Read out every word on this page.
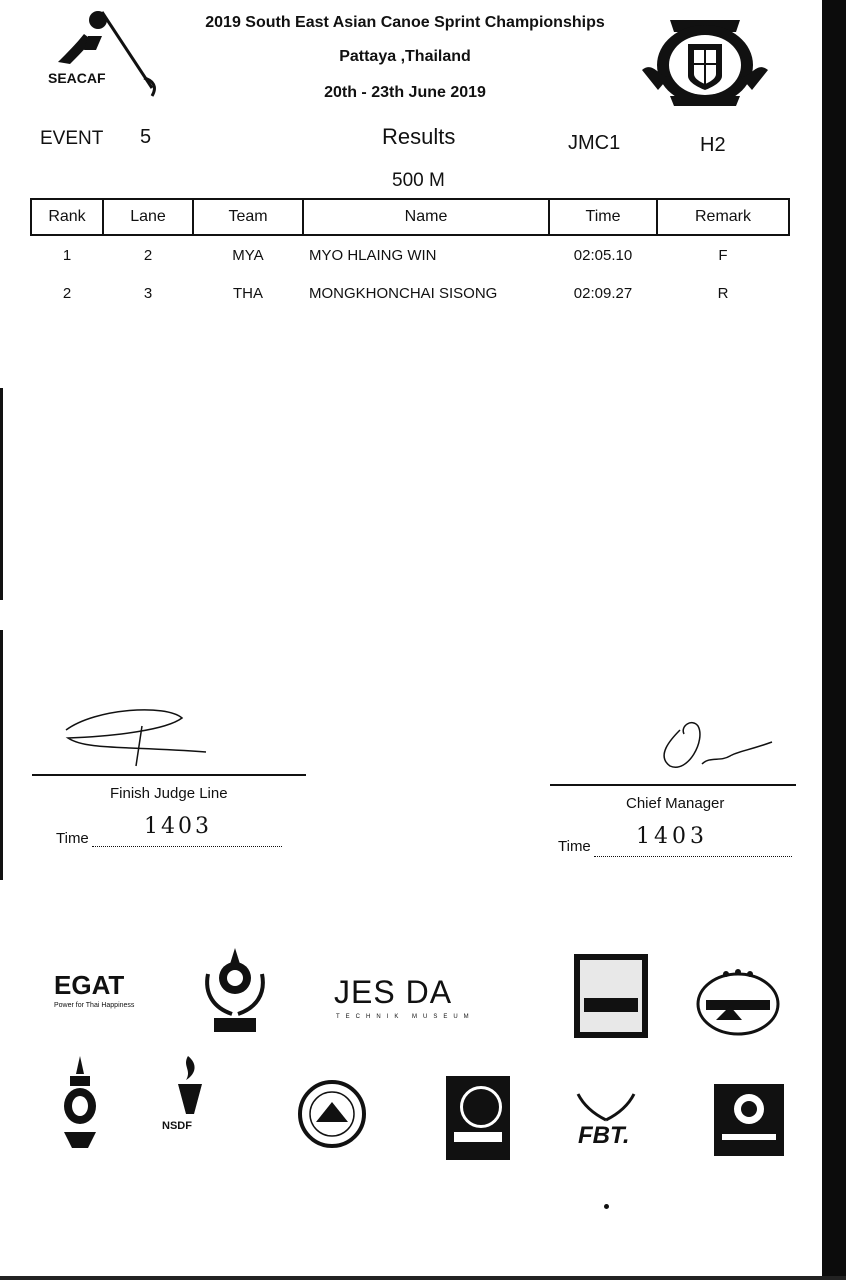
SEACAF
2019 South East Asian Canoe Sprint Championships
Pattaya ,Thailand
20th - 23th June 2019
EVENT 5	Results	JMC1	H2
500 M
Rank	Lane	Team	Name	Time	Remark
1	2	MYA	MYO HLAING WIN	02:05.10	F
2	3	THA	MONGKHONCHAI SISONG	02:09.27	R
Finish Judge Line
Time	1403
Chief Manager
Time 1403
EGAT
Power for Thai Happiness	JES DA
TECHNIK MUSEUM
NSDF	FBT.
